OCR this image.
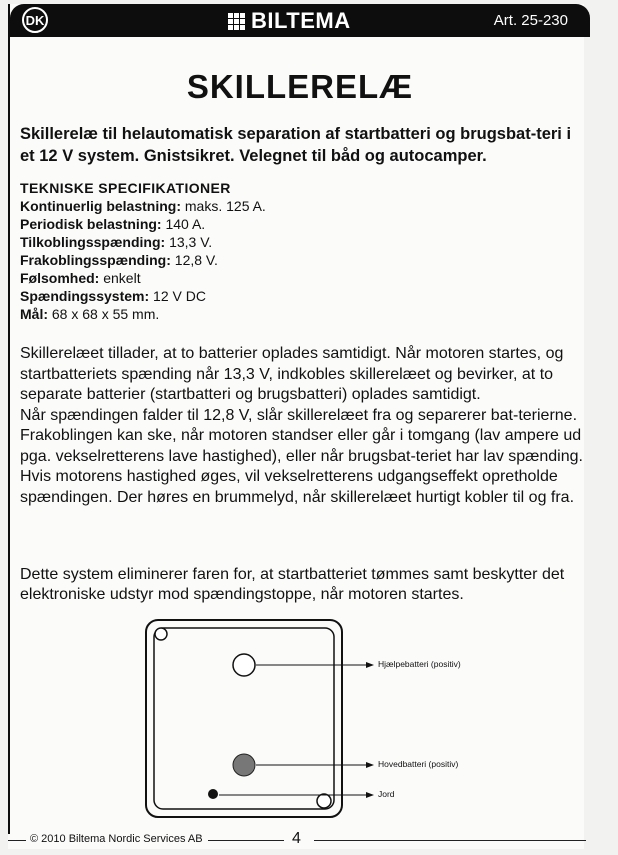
DK	BILTEMA	Art. 25-230
SKILLERELÆ

Skillerelæ til helautomatisk separation af startbatteri og brugsbat-teri i et 12 V system. Gnistsikret. Velegnet til båd og autocamper.

TEKNISKE SPECIFIKATIONER
Kontinuerlig belastning: maks. 125 A.
Periodisk belastning: 140 A.
Tilkoblingsspænding: 13,3 V.
Frakoblingsspænding: 12,8 V.
Følsomhed: enkelt
Spændingssystem: 12 V DC
Mål: 68 x 68 x 55 mm.

Skillerelæet tillader, at to batterier oplades samtidigt. Når motoren startes, og startbatteriets spænding når 13,3 V, indkobles skillerelæet og bevirker, at to separate batterier (startbatteri og brugsbatteri) oplades samtidigt.

Når spændingen falder til 12,8 V, slår skillerelæet fra og separerer bat-terierne. Frakoblingen kan ske, når motoren standser eller går i tomgang (lav ampere ud pga. vekselretterens lave hastighed), eller når brugsbat-teriet har lav spænding. Hvis motorens hastighed øges, vil vekselretterens udgangseffekt opretholde spændingen. Der høres en brummelyd, når skillerelæet hurtigt kobler til og fra.

Dette system eliminerer faren for, at startbatteriet tømmes samt beskytter det elektroniske udstyr mod spændingstoppe, når motoren startes.

Hjælpebatteri (positiv)
Hovedbatteri (positiv)
Jord
© 2010 Biltema Nordic Services AB	4
